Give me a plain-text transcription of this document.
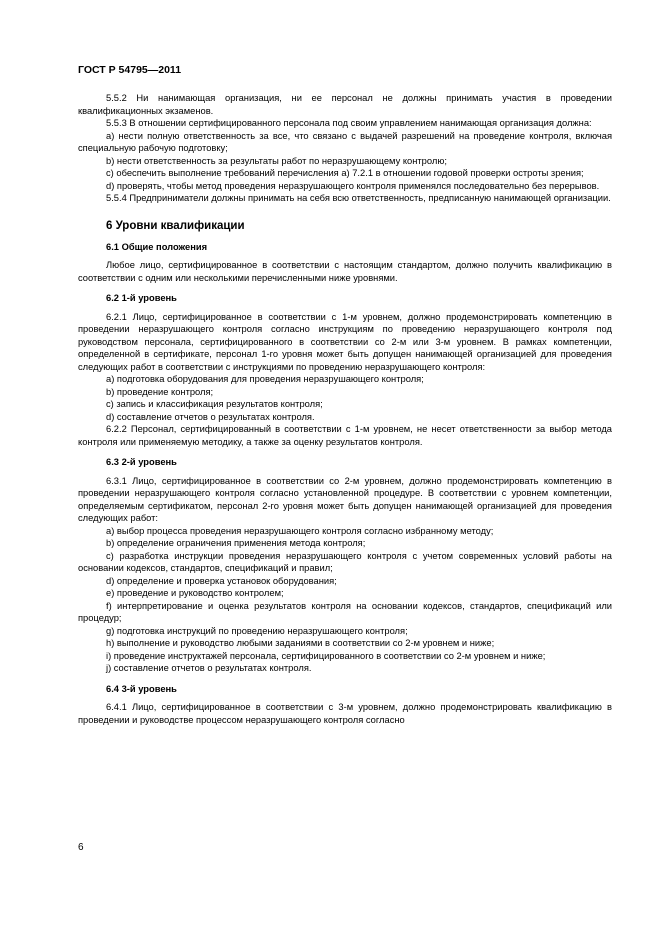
ГОСТ Р 54795—2011

5.5.2 Ни нанимающая организация, ни ее персонал не должны принимать участия в проведении квалификационных экзаменов.

5.5.3 В отношении сертифицированного персонала под своим управлением нанимающая организация должна:

а) нести полную ответственность за все, что связано с выдачей разрешений на проведение контроля, включая специальную рабочую подготовку;

b) нести ответственность за результаты работ по неразрушающему контролю;

c) обеспечить выполнение требований перечисления а) 7.2.1 в отношении годовой проверки остроты зрения;

d) проверять, чтобы метод проведения неразрушающего контроля применялся последовательно без перерывов.

5.5.4 Предприниматели должны принимать на себя всю ответственность, предписанную нанимающей организации.

6 Уровни квалификации
6.1 Общие положения

Любое лицо, сертифицированное в соответствии с настоящим стандартом, должно получить квалификацию в соответствии с одним или несколькими перечисленными ниже уровнями.

6.2 1-й уровень

6.2.1 Лицо, сертифицированное в соответствии с 1-м уровнем, должно продемонстрировать компетенцию в проведении неразрушающего контроля согласно инструкциям по проведению неразрушающего контроля под руководством персонала, сертифицированного в соответствии со 2-м или 3-м уровнем. В рамках компетенции, определенной в сертификате, персонал 1-го уровня может быть допущен нанимающей организацией для проведения следующих работ в соответствии с инструкциями по проведению неразрушающего контроля:

а) подготовка оборудования для проведения неразрушающего контроля;

b) проведение контроля;

c) запись и классификация результатов контроля;

d) составление отчетов о результатах контроля.

6.2.2 Персонал, сертифицированный в соответствии с 1-м уровнем, не несет ответственности за выбор метода контроля или применяемую методику, а также за оценку результатов контроля.

6.3 2-й уровень

6.3.1 Лицо, сертифицированное в соответствии со 2-м уровнем, должно продемонстрировать компетенцию в проведении неразрушающего контроля согласно установленной процедуре. В соответствии с уровнем компетенции, определяемым сертификатом, персонал 2-го уровня может быть допущен нанимающей организацией для проведения следующих работ:

а) выбор процесса проведения неразрушающего контроля согласно избранному методу;

b) определение ограничения применения метода контроля;

c) разработка инструкции проведения неразрушающего контроля с учетом современных условий работы на основании кодексов, стандартов, спецификаций и правил;

d) определение и проверка установок оборудования;

e) проведение и руководство контролем;

f) интерпретирование и оценка результатов контроля на основании кодексов, стандартов, спецификаций или процедур;

g) подготовка инструкций по проведению неразрушающего контроля;

h) выполнение и руководство любыми заданиями в соответствии со 2-м уровнем и ниже;

i) проведение инструктажей персонала, сертифицированного в соответствии со 2-м уровнем и ниже;

j) составление отчетов о результатах контроля.

6.4 3-й уровень

6.4.1 Лицо, сертифицированное в соответствии с 3-м уровнем, должно продемонстрировать квалификацию в проведении и руководстве процессом неразрушающего контроля согласно

6
